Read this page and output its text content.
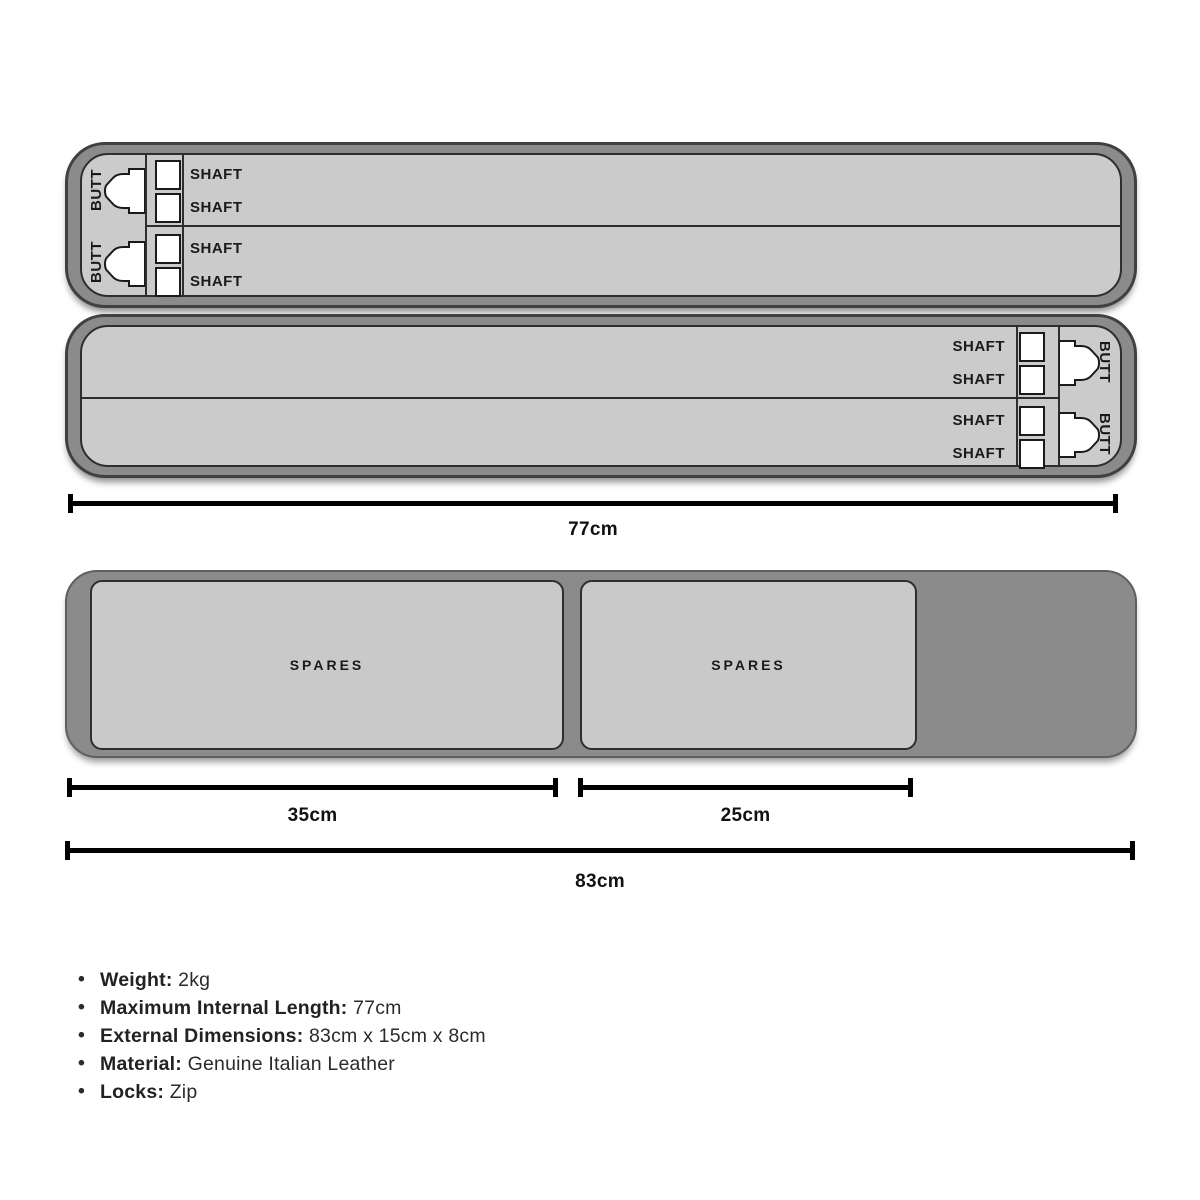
BUTT
BUTT
SHAFT
SHAFT
SHAFT
SHAFT
BUTT
BUTT
SHAFT
SHAFT
SHAFT
SHAFT
77cm
SPARES	SPARES
35cm	25cm
83cm
• Weight: 2kg
• Maximum Internal Length: 77cm
• External Dimensions: 83cm x 15cm x 8cm
• Material: Genuine Italian Leather
• Locks: Zip
